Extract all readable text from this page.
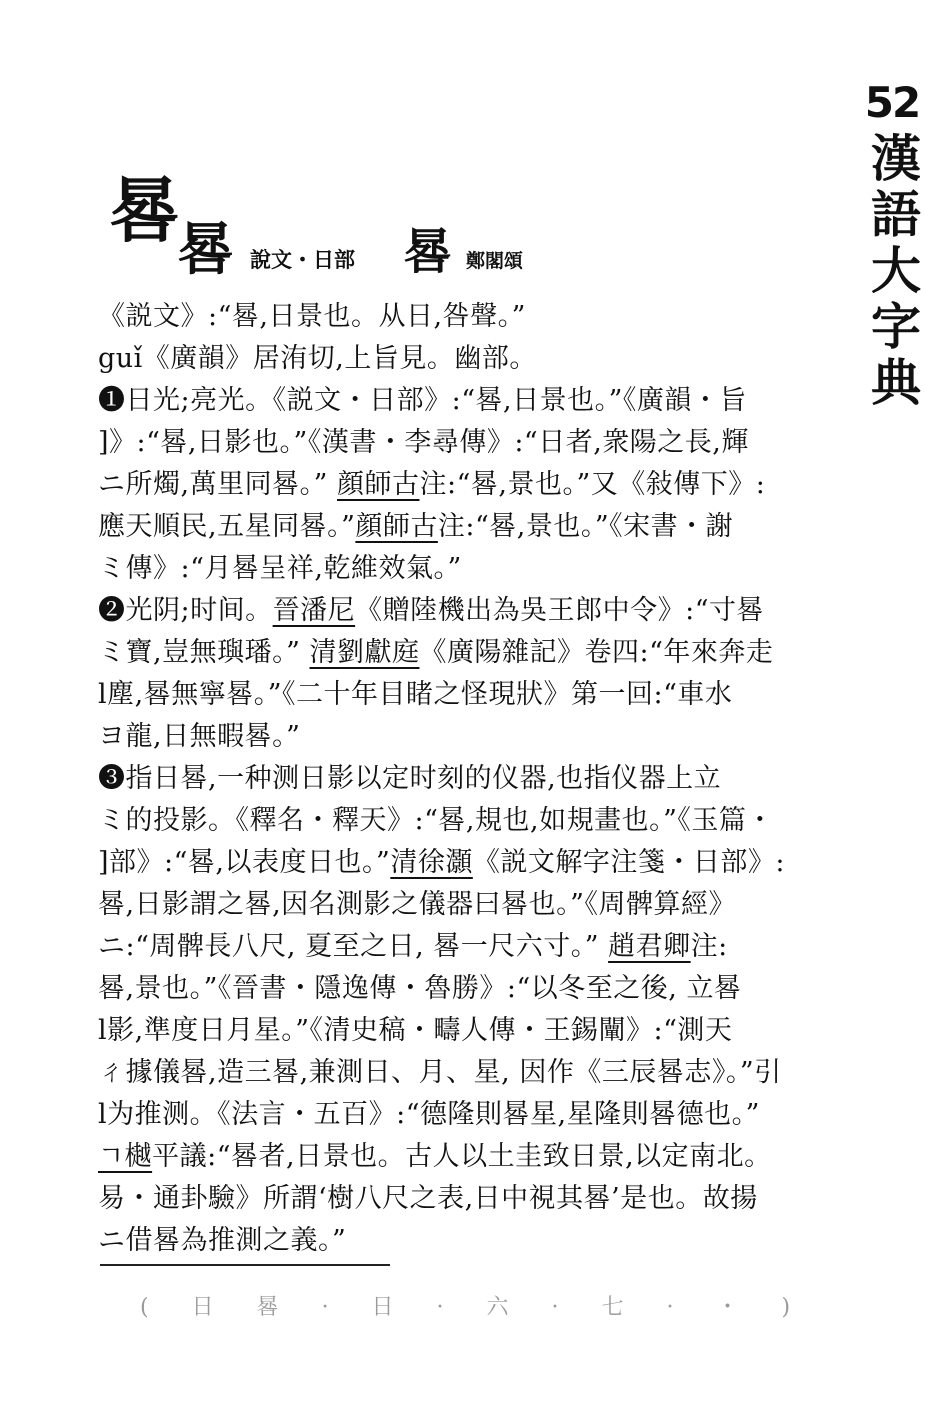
52
漢語大字典
晷
晷 說文・日部 晷 鄭閣頌
《説文》:“晷,日景也。从日,咎聲。”
guǐ《廣韻》居洧切,上旨見。幽部。
❶日光;亮光。《説文・日部》:“晷,日景也。”《廣韻・旨
]》:“晷,日影也。”《漢書・李尋傳》:“日者,衆陽之長,輝
ニ所燭,萬里同晷。” 顔師古注:“晷,景也。”又《敍傳下》:
應天順民,五星同晷。”顔師古注:“晷,景也。”《宋書・謝
ミ傳》:“月晷呈祥,乾維效氣。”
❷光阴;时间。晉潘尼《贈陸機出為吳王郎中令》:“寸晷
ミ寶,豈無璵璠。” 清劉獻庭《廣陽雜記》卷四:“年來奔走
l塵,晷無寧晷。”《二十年目睹之怪現狀》第一回:“車水
ヨ龍,日無暇晷。”
❸指日晷,一种测日影以定时刻的仪器,也指仪器上立
ミ的投影。《釋名・釋天》:“晷,規也,如規畫也。”《玉篇・
]部》:“晷,以表度日也。”清徐灝《説文解字注箋・日部》:
晷,日影謂之晷,因名測影之儀器曰晷也。”《周髀算經》
ニ:“周髀長八尺, 夏至之日, 晷一尺六寸。” 趙君卿注:
晷,景也。”《晉書・隱逸傳・魯勝》:“以冬至之後, 立晷
l影,準度日月星。”《清史稿・疇人傳・王錫闡》:“測天
ㄔ據儀晷,造三晷,兼測日、月、星, 因作《三辰晷志》。”引
l为推测。《法言・五百》:“德隆則晷星,星隆則晷德也。”
ㄱ樾平議:“晷者,日景也。古人以土圭致日景,以定南北。
易・通卦驗》所謂‘樹八尺之表,日中視其晷’是也。故揚
ニ借晷為推測之義。”
( 日 晷 · 日 · 六 · 七 · ・ )
